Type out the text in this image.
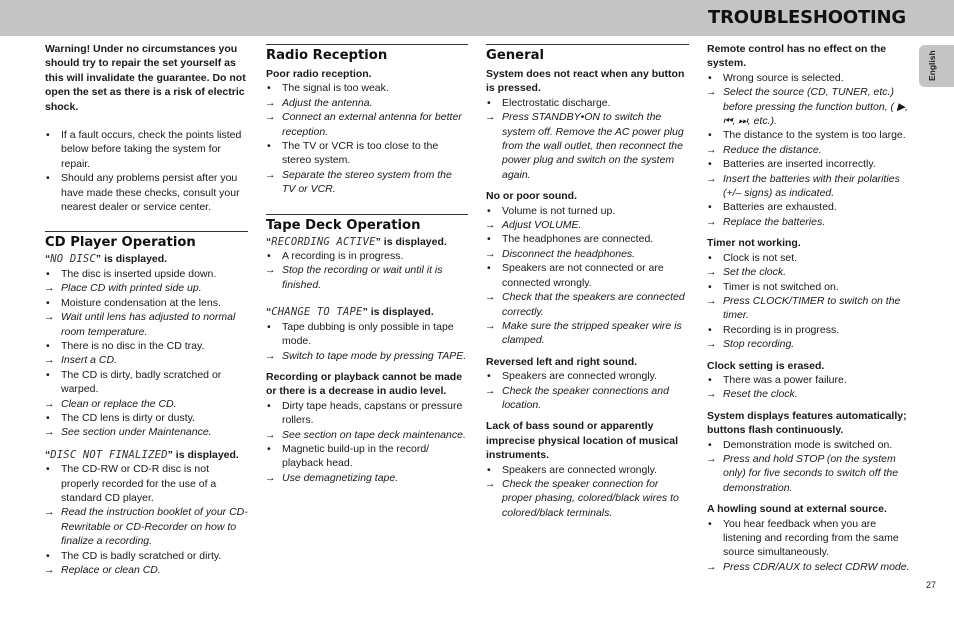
TROUBLESHOOTING
English

Warning! Under no circumstances you should try to repair the set yourself as this will invalidate the guarantee. Do not open the set as there is a risk of electric shock.

• If a fault occurs, check the points listed below before taking the system for repair.
• Should any problems persist after you have made these checks, consult your nearest dealer or service center.
CD Player Operation

“NO DISC” is displayed.

• The disc is inserted upside down.
→ Place CD with printed side up.
• Moisture condensation at the lens.
→ Wait until lens has adjusted to normal room temperature.
• There is no disc in the CD tray.
→ Insert a CD.
• The CD is dirty, badly scratched or warped.
→ Clean or replace the CD.
• The CD lens is dirty or dusty.
→ See section under Maintenance.

“DISC NOT FINALIZED” is displayed.

• The CD-RW or CD-R disc is not properly recorded for the use of a standard CD player.
→ Read the instruction booklet of your CD-Rewritable or CD-Recorder on how to finalize a recording.
• The CD is badly scratched or dirty.
→ Replace or clean CD.
Radio Reception

Poor radio reception.

• The signal is too weak.
→ Adjust the antenna.
→ Connect an external antenna for better reception.
• The TV or VCR is too close to the stereo system.
→ Separate the stereo system from the TV or VCR.
Tape Deck Operation

“RECORDING ACTIVE” is displayed.

• A recording is in progress.
→ Stop the recording or wait until it is finished.

“CHANGE TO TAPE” is displayed.

• Tape dubbing is only possible in tape mode.
→ Switch to tape mode by pressing TAPE.

Recording or playback cannot be made or there is a decrease in audio level.

• Dirty tape heads, capstans or pressure rollers.
→ See section on tape deck maintenance.
• Magnetic build-up in the record/ playback head.
→ Use demagnetizing tape.
General

System does not react when any button is pressed.

• Electrostatic discharge.
→ Press STANDBY•ON to switch the system off. Remove the AC power plug from the wall outlet, then reconnect the power plug and switch on the system again.

No or poor sound.

• Volume is not turned up.
→ Adjust VOLUME.
• The headphones are connected.
→ Disconnect the headphones.
• Speakers are not connected or are connected wrongly.
→ Check that the speakers are connected correctly.
→ Make sure the stripped speaker wire is clamped.

Reversed left and right sound.

• Speakers are connected wrongly.
→ Check the speaker connections and location.

Lack of bass sound or apparently imprecise physical location of musical instruments.

• Speakers are connected wrongly.
→ Check the speaker connection for proper phasing, colored/black wires to colored/black terminals.

Remote control has no effect on the system.

• Wrong source is selected.
→ Select the source (CD, TUNER, etc.) before pressing the function button, ( ▶, ⏮, ⏭, etc.).
• The distance to the system is too large.
→ Reduce the distance.
• Batteries are inserted incorrectly.
→ Insert the batteries with their polarities (+/– signs) as indicated.
• Batteries are exhausted.
→ Replace the batteries.

Timer not working.

• Clock is not set.
→ Set the clock.
• Timer is not switched on.
→ Press CLOCK/TIMER to switch on the timer.
• Recording is in progress.
→ Stop recording.

Clock setting is erased.

• There was a power failure.
→ Reset the clock.

System displays features automatically; buttons flash continuously.

• Demonstration mode is switched on.
→ Press and hold STOP (on the system only) for five seconds to switch off the demonstration.

A howling sound at external source.

• You hear feedback when you are listening and recording from the same source simultaneously.
→ Press CDR/AUX to select CDRW mode.
27
